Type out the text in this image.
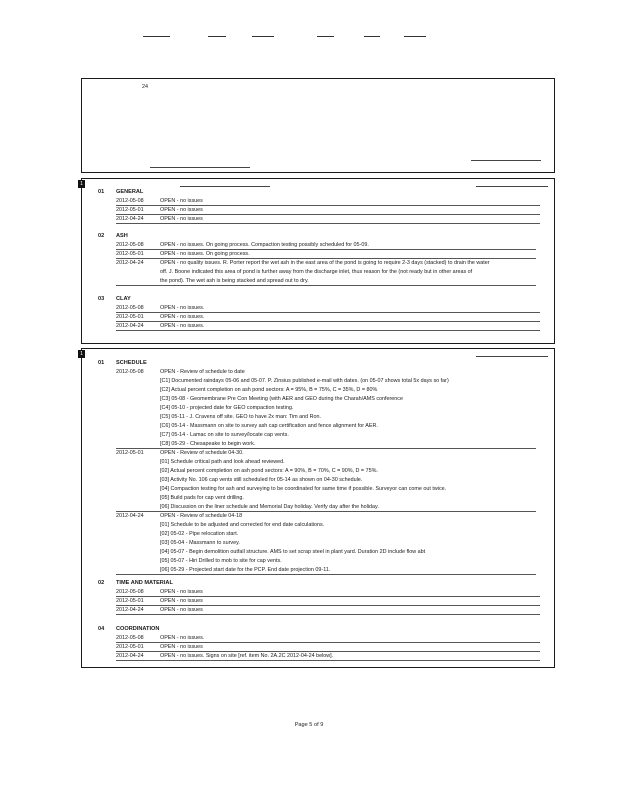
24
1
01 GENERAL
2012-05-08	OPEN - no issues
2012-05-01	OPEN - no issues
2012-04-24	OPEN - no issues
02 ASH
2012-05-08	OPEN - no issues. On going process. Compaction testing possibly scheduled for 05-09.
2012-05-01	OPEN - no issues. On going process.
2012-04-24	OPEN - no quality issues. R. Porter report the wet ash in the east area of the pond is going to require 2-3 days (stacked) to drain the water
off. J. Boone indicated this area of pond is further away from the discharge inlet, thus reason for the (not ready but in other areas of
the pond). The wet ash is being stacked and spread out to dry.
03 CLAY
2012-05-08	OPEN - no issues.
2012-05-01	OPEN - no issues.
2012-04-24	OPEN - no issues.
1
01 SCHEDULE
2012-05-08	OPEN - Review of schedule to date
[C1] Documented raindays 05-06 and 05-07. P. Zinsius published e-mail with dates. (on 05-07 shows total 5x days so far)
[C2] Actual percent completion on ash pond sectors: A = 95%, B = 75%, C = 35%, D = 80%
[C3] 05-08 - Geomembrane Pre Con Meeting (with AER and GEO during the Charah/AMS conference
[C4] 05-10 - projected date for GEO compaction testing.
[C5] 05-11 - J. Cravens off site. GEO to have 2x man: Tim and Ron.
[C6] 05-14 - Massmann on site to survey ash cap certification and fence alignment for AER.
[C7] 05-14 - Lamac on site to survey/locate cap vents.
[C8] 05-29 - Chesapeake to begin work.
2012-05-01	OPEN - Review of schedule 04-30.
[01] Schedule critical path and look ahead reviewed.
[02] Actual percent completion on ash pond sectors: A = 90%, B = 70%, C = 90%, D = 75%.
[03] Activity No. 106 cap vents still scheduled for 05-14 as shown on 04-30 schedule.
[04] Compaction testing for ash and surveying to be coordinated for same time if possible. Surveyor can come out twice.
[05] Build pads for cap vent drilling.
[06] Discussion on the liner schedule and Memorial Day holiday. Verify day after the holiday.
2012-04-24	OPEN - Review of schedule 04-18
[01] Schedule to be adjusted and corrected for end date calculations.
[02] 05-02 - Pipe relocation start.
[03] 05-04 - Massmann to survey.
[04] 05-07 - Begin demolition outfall structure. AMS to set scrap steel in plant yard. Duration 2D include flow abt
[05] 05-07 - Hiri Drilled to mob to site for cap vents.
[06] 05-29 - Projected start date for the PCP. End date projection 09-11.
02 TIME AND MATERIAL
2012-05-08	OPEN - no issues
2012-05-01	OPEN - no issues
2012-04-24	OPEN - no issues
04 COORDINATION
2012-05-08	OPEN - no issues.
2012-05-01	OPEN - no issues
2012-04-24	OPEN - no issues. Signs on site [ref. item No. 2A.2C 2012-04-24 below].
Page 5 of 9
